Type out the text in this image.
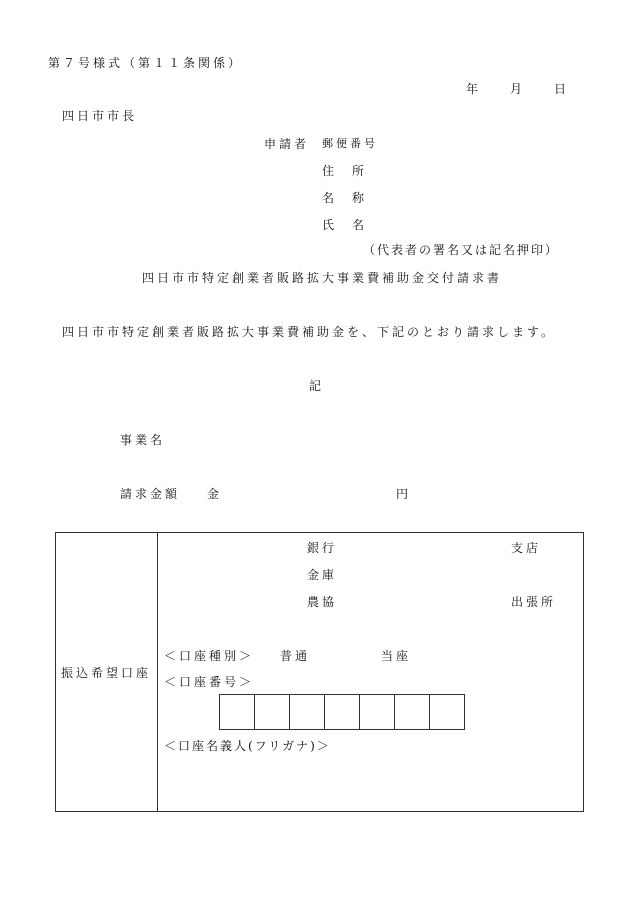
第７号様式（第１１条関係）
年 月 日
四日市市長
申請者 郵便番号
住　所
名　称
氏　名
（代表者の署名又は記名押印）
四日市市特定創業者販路拡大事業費補助金交付請求書
四日市市特定創業者販路拡大事業費補助金を、下記のとおり請求します。
記
事業名
請求金額 金	円
振込希望口座
銀行
金庫
農協
支店
出張所
＜口座種別＞ 普通	当座
＜口座番号＞
＜口座名義人(フリガナ)＞
